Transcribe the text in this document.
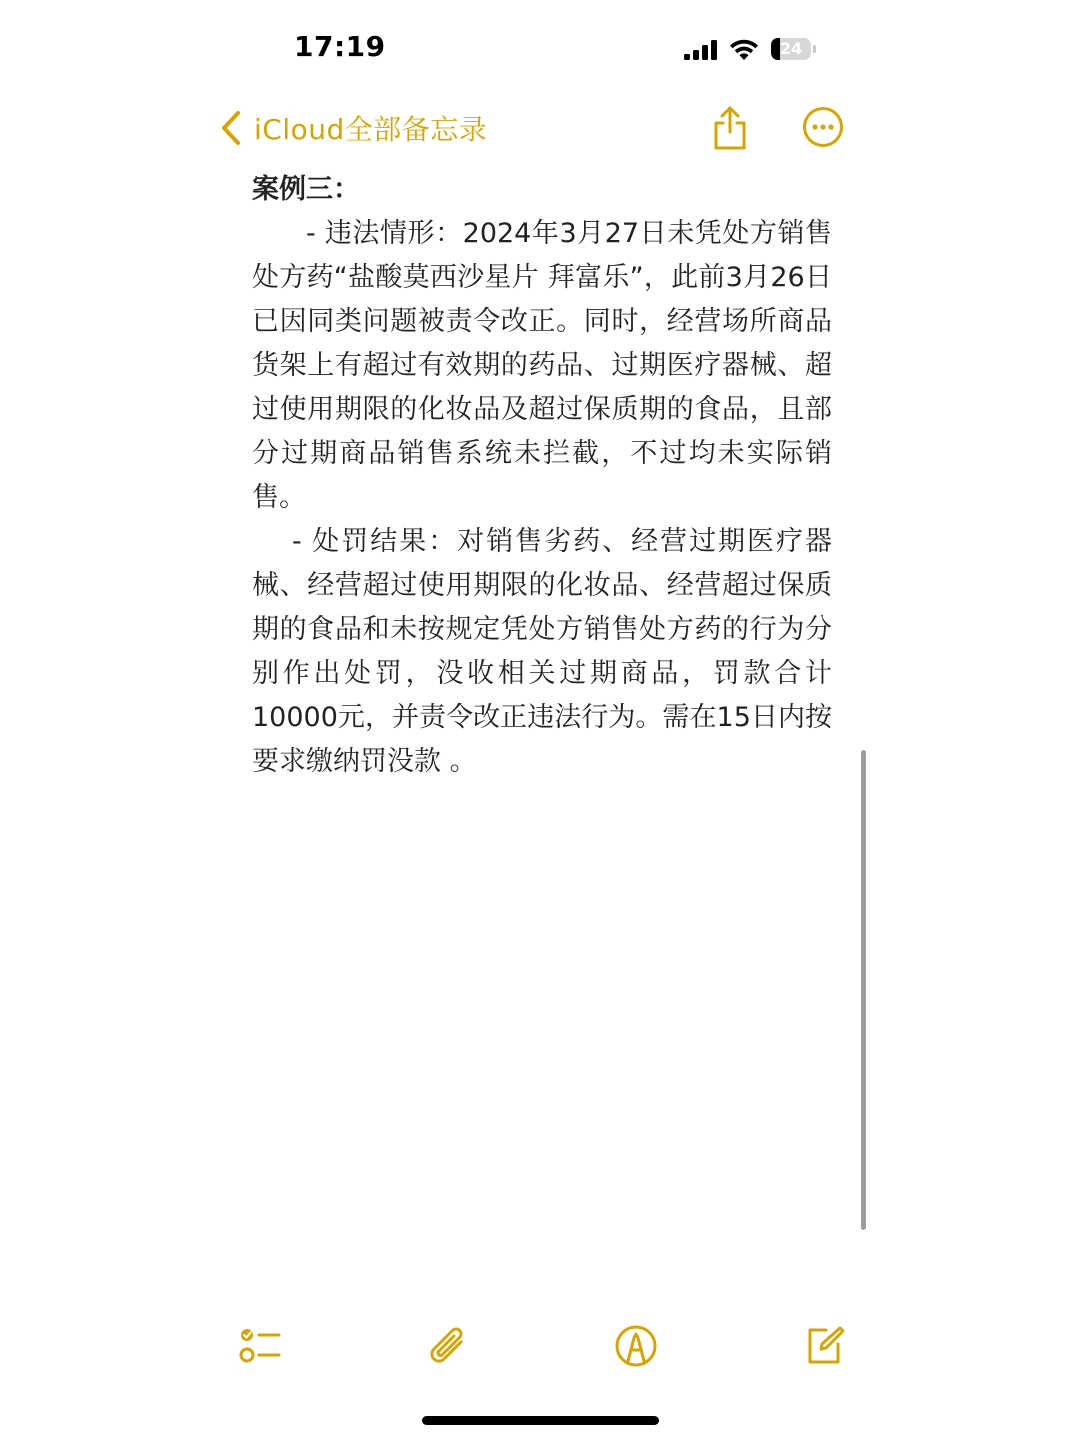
17:19	24
iCloud全部备忘录

案例三：

- 违法情形：2024年3月27日未凭处方销售处方药“盐酸莫西沙星片 拜富乐”，此前3月26日已因同类问题被责令改正。同时，经营场所商品货架上有超过有效期的药品、过期医疗器械、超过使用期限的化妆品及超过保质期的食品，且部分过期商品销售系统未拦截，不过均未实际销售。

- 处罚结果：对销售劣药、经营过期医疗器械、经营超过使用期限的化妆品、经营超过保质期的食品和未按规定凭处方销售处方药的行为分别作出处罚，没收相关过期商品，罚款合计10000元，并责令改正违法行为。需在15日内按要求缴纳罚没款 。
